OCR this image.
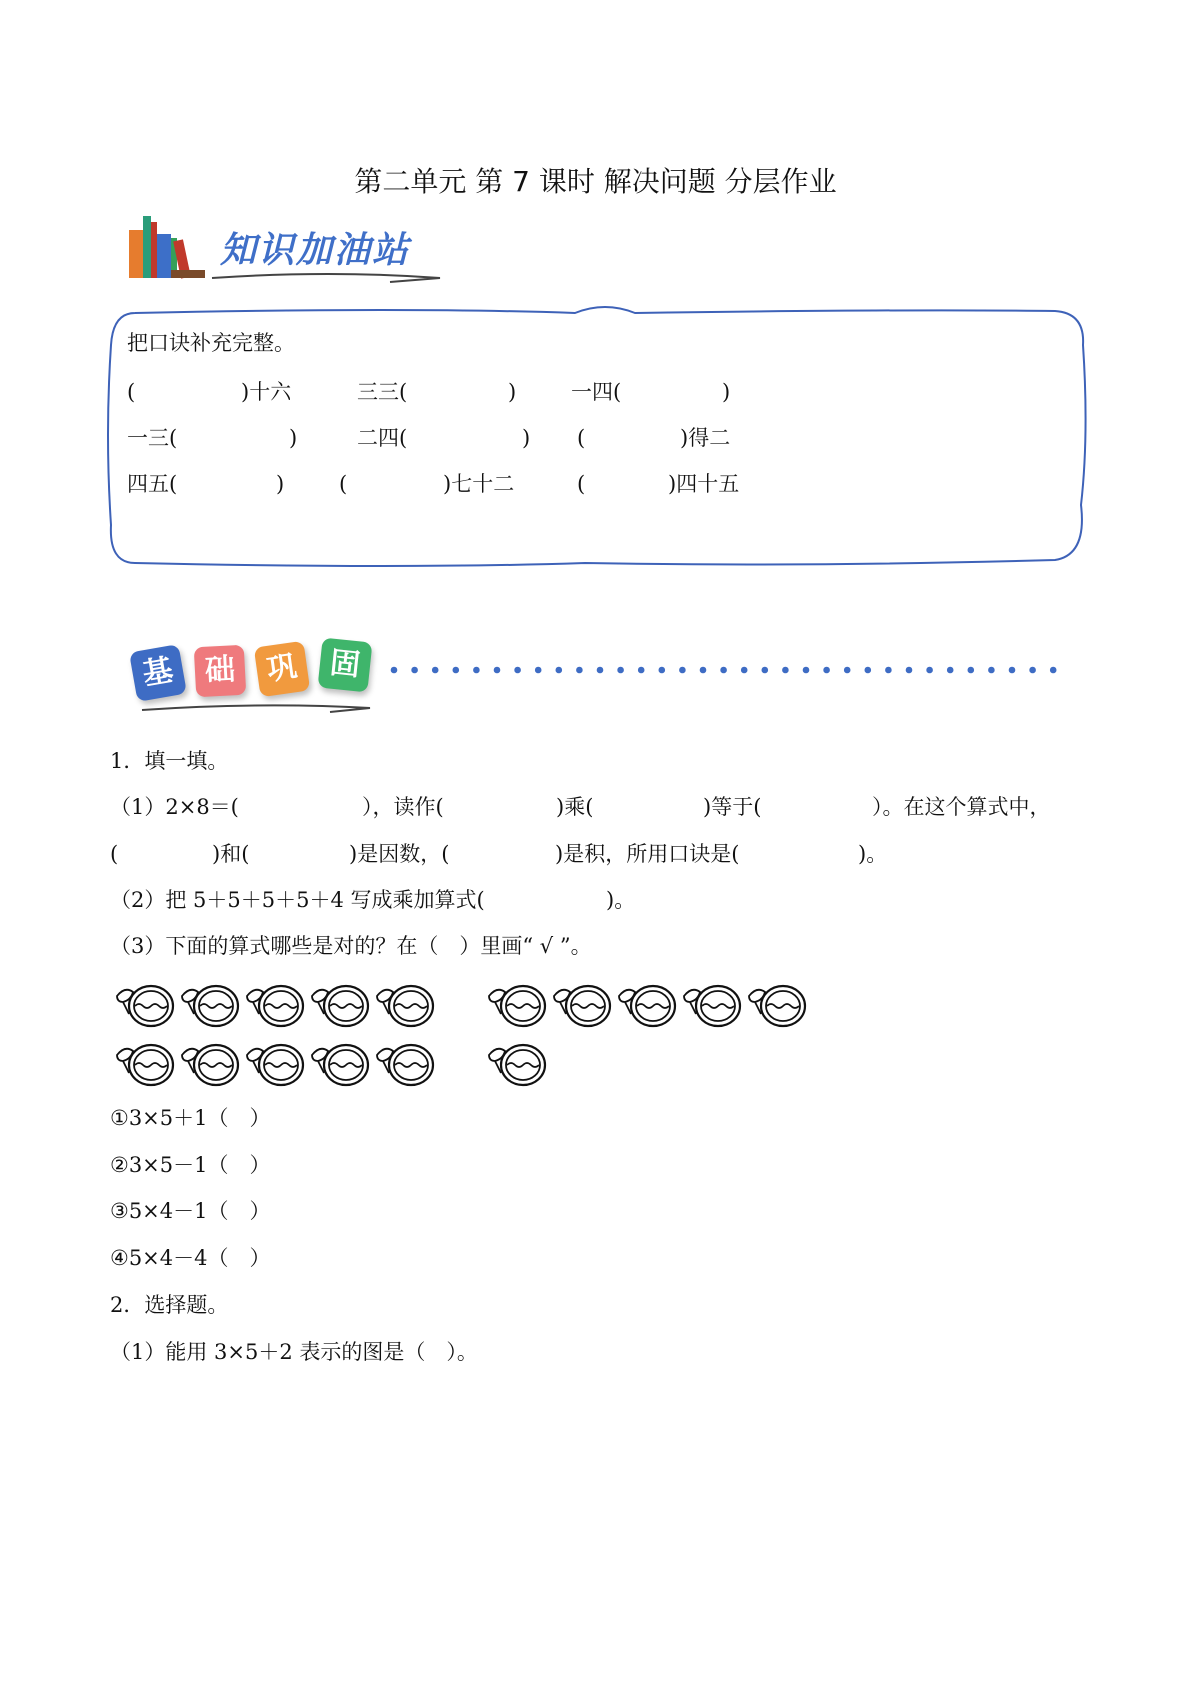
第二单元 第 7 课时 解决问题 分层作业
知识加油站
把口诀补充完整。
(	)十六	三三(	)	一四(	)
一三(	)	二四(	) (	)得二
四五(	)	(	)七十二	(	)四十五
基 础 巩 固
1．填一填。
（1）2×8＝(	），读作(	)乘(	)等于(	）。在这个算式中，
(	)和(	)是因数，(	)是积，所用口诀是(	)。
（2）把 5＋5＋5＋5＋4 写成乘加算式(	)。
（3）下面的算式哪些是对的？在（　）里画“ √ ”。
①3×5＋1（　）
②3×5－1（　）
③5×4－1（　）
④5×4－4（　）
2．选择题。
（1）能用 3×5＋2 表示的图是（　）。
